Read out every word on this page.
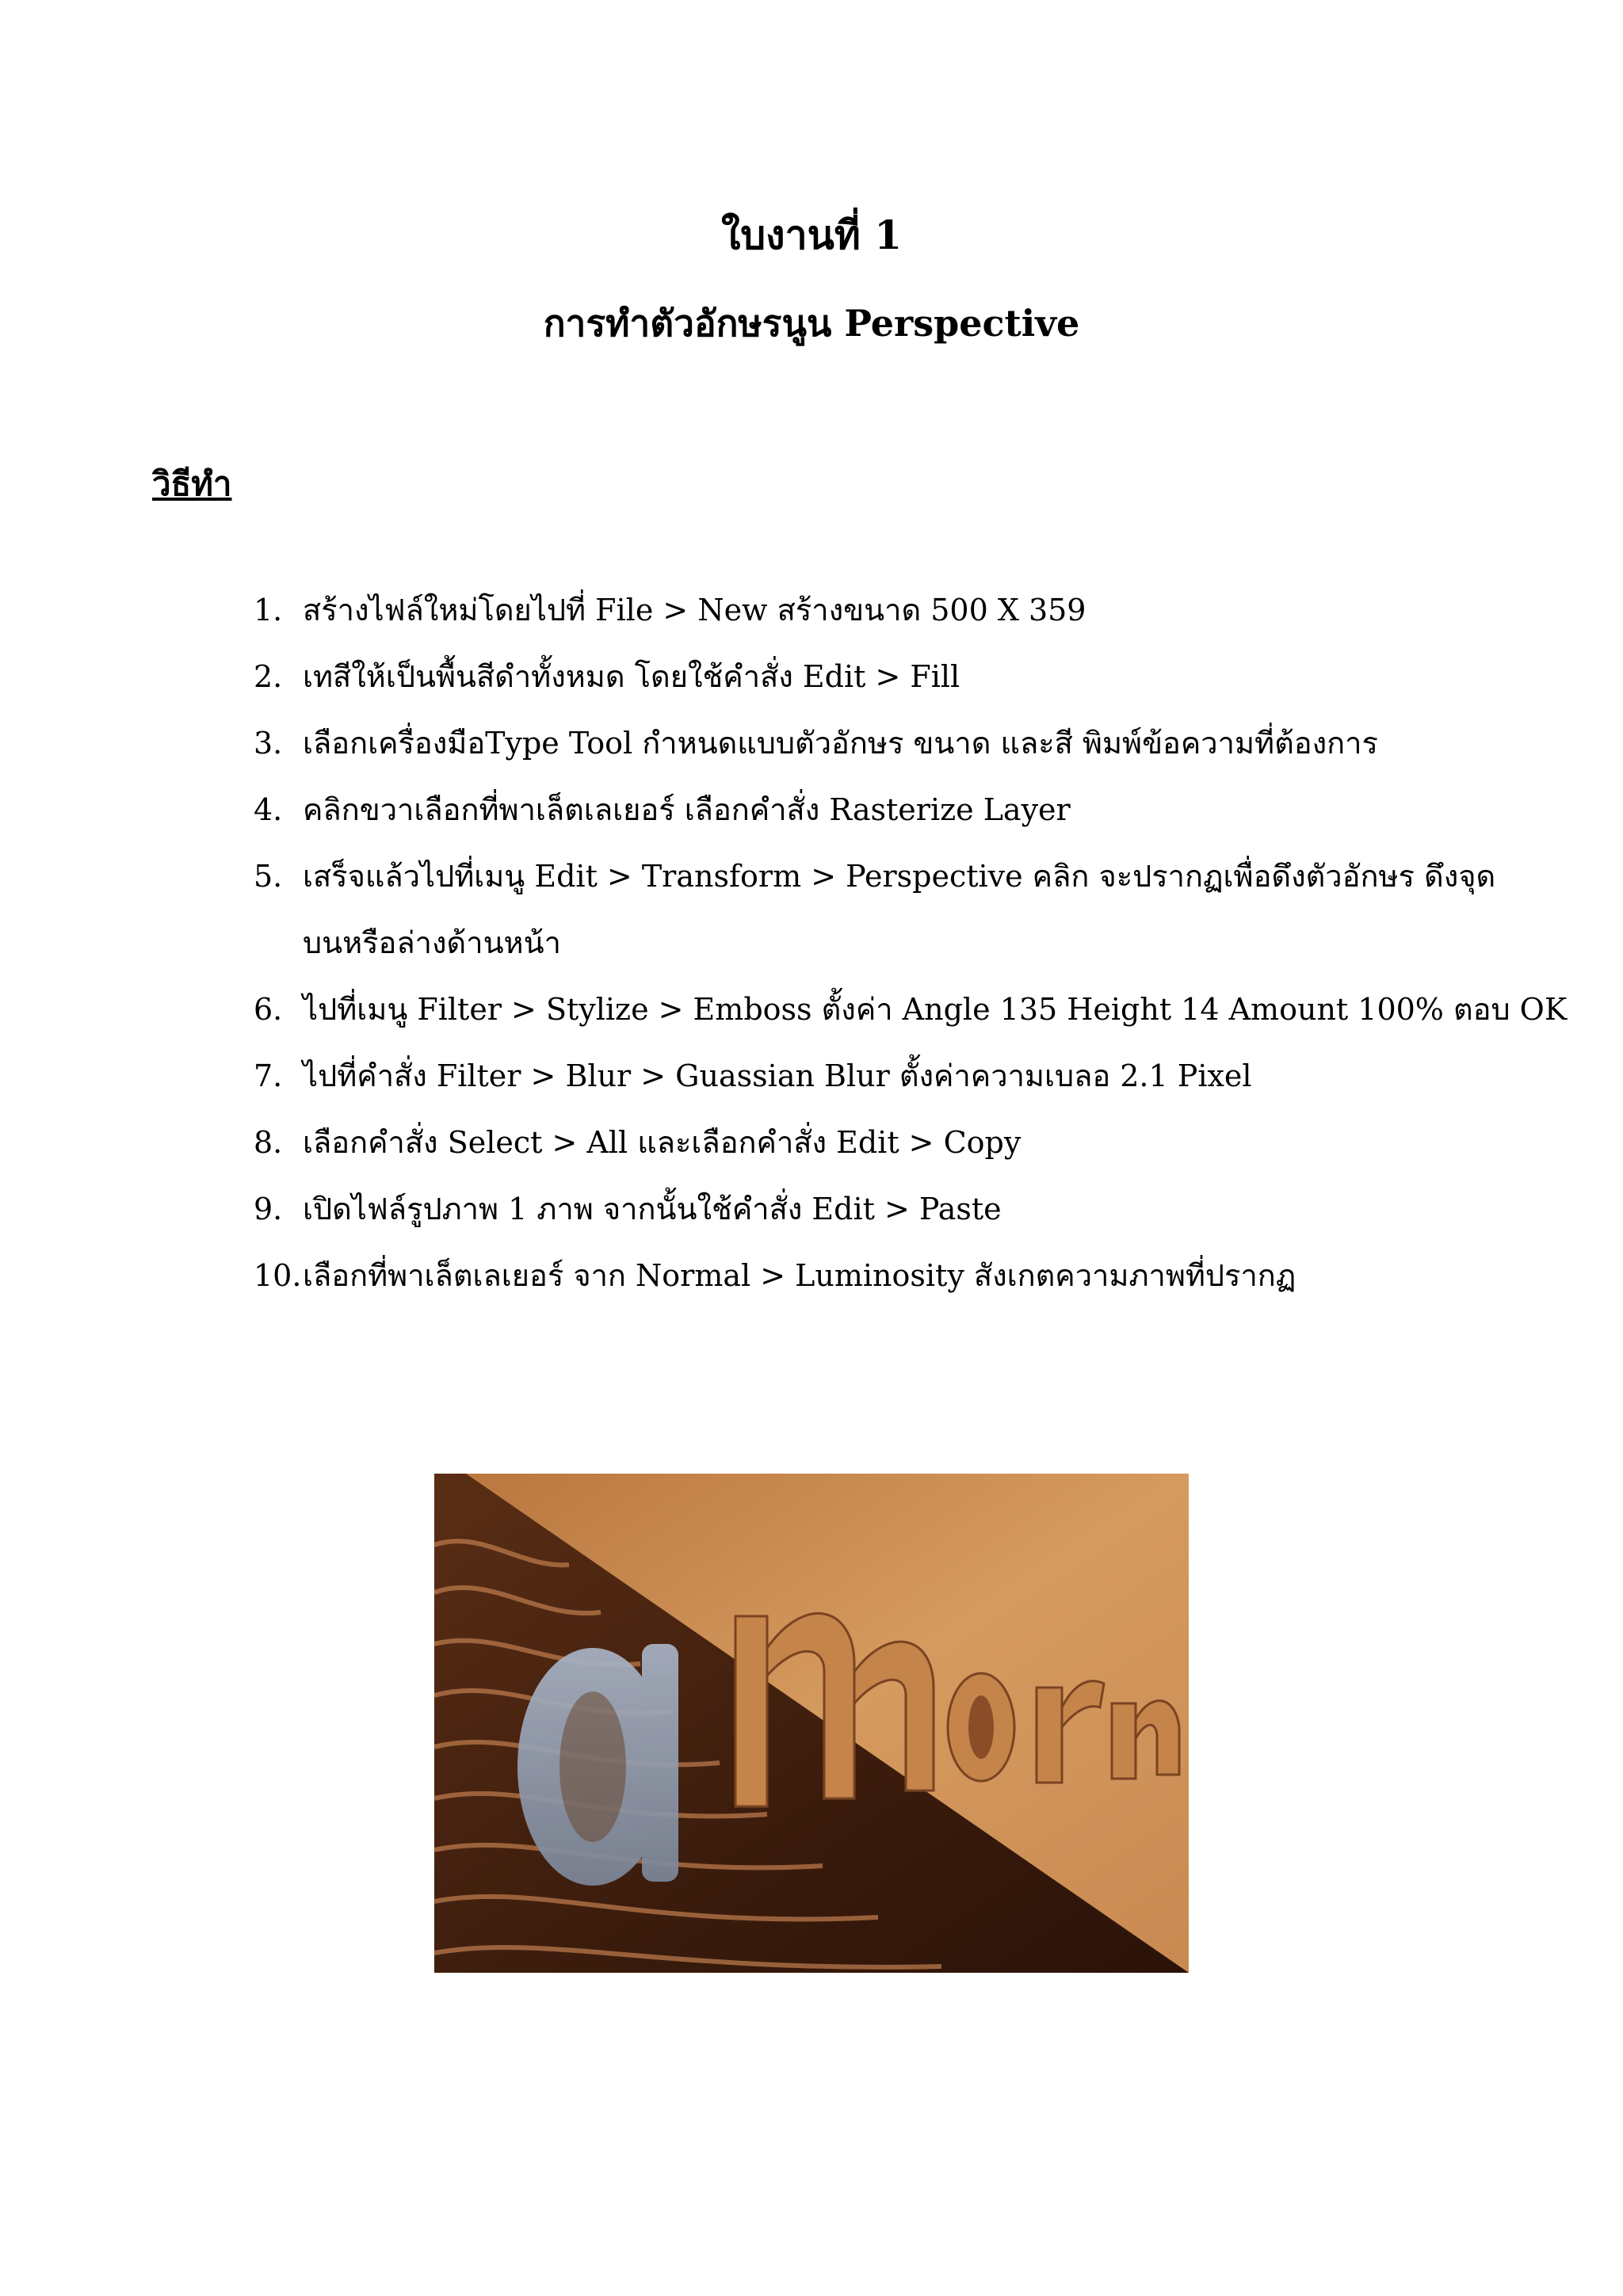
ใบงานที่ 1
การทำตัวอักษรนูน Perspective
วิธีทำ
1. สร้างไฟล์ใหม่โดยไปที่ File > New สร้างขนาด 500 X 359
2. เทสีให้เป็นพื้นสีดำทั้งหมด โดยใช้คำสั่ง Edit > Fill
3. เลือกเครื่องมือType Tool กำหนดแบบตัวอักษร ขนาด และสี พิมพ์ข้อความที่ต้องการ
4. คลิกขวาเลือกที่พาเล็ตเลเยอร์ เลือกคำสั่ง Rasterize Layer
5. เสร็จแล้วไปที่เมนู Edit > Transform > Perspective คลิก จะปรากฏเพื่อดึงตัวอักษร ดึงจุด
บนหรือล่างด้านหน้า
6. ไปที่เมนู Filter > Stylize > Emboss ตั้งค่า Angle 135 Height 14 Amount 100% ตอบ OK
7. ไปที่คำสั่ง Filter > Blur > Guassian Blur ตั้งค่าความเบลอ 2.1 Pixel
8. เลือกคำสั่ง Select > All และเลือกคำสั่ง Edit > Copy
9. เปิดไฟล์รูปภาพ 1 ภาพ จากนั้นใช้คำสั่ง Edit > Paste
10. เลือกที่พาเล็ตเลเยอร์ จาก Normal > Luminosity สังเกตความภาพที่ปรากฏ
